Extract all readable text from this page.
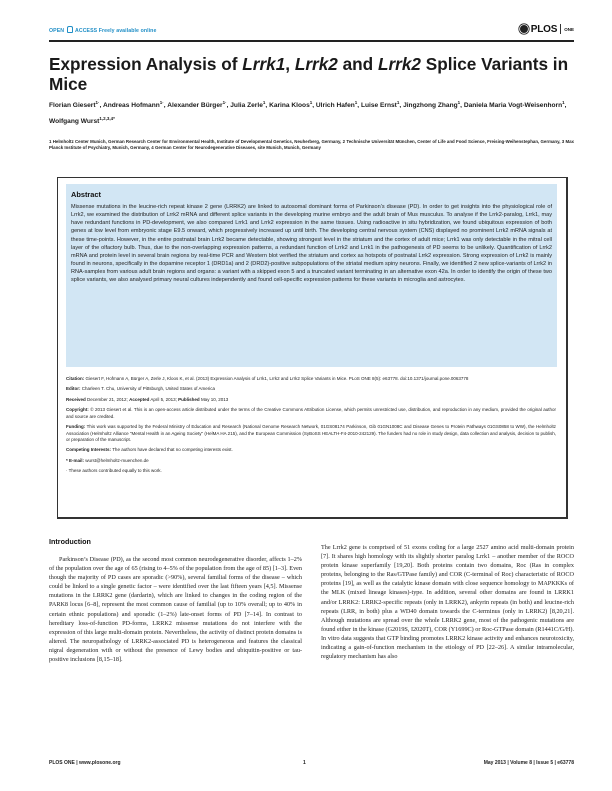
OPEN ACCESS Freely available online	PLOS ONE
Expression Analysis of Lrrk1, Lrrk2 and Lrrk2 Splice Variants in Mice
Florian Giesert$^{1\cdot}$, Andreas Hofmann$^{1\cdot}$, Alexander Bürger$^{1\cdot}$, Julia Zerle$^1$, Karina Kloos$^1$, Ulrich Hafen$^1$, Luise Ernst$^1$, Jingzhong Zhang$^1$, Daniela Maria Vogt-Weisenhorn$^1$, Wolfgang Wurst$^{1,2,3,4*}$
1 Helmholtz Center Munich, German Research Center for Environmental Health, Institute of Developmental Genetics, Neuherberg, Germany, 2 Technische Universität München, Center of Life and Food Science, Freising-Weihenstephan, Germany, 3 Max Planck Institute of Psychiatry, Munich, Germany, 4 German Center for Neurodegenerative Diseases, site Munich, Munich, Germany
Abstract

Missense mutations in the leucine-rich repeat kinase 2 gene (LRRK2) are linked to autosomal dominant forms of Parkinson’s disease (PD). In order to get insights into the physiological role of Lrrk2, we examined the distribution of Lrrk2 mRNA and different splice variants in the developing murine embryo and the adult brain of Mus musculus. To analyse if the Lrrk2-paralog, Lrrk1, may have redundant functions in PD-development, we also compared Lrrk1 and Lrrk2 expression in the same tissues. Using radioactive in situ hybridization, we found ubiquitous expression of both genes at low level from embryonic stage E9.5 onward, which progressively increased up until birth. The developing central nervous system (CNS) displayed no prominent Lrrk2 mRNA signals at these time-points. However, in the entire postnatal brain Lrrk2 became detectable, showing strongest level in the striatum and the cortex of adult mice; Lrrk1 was only detectable in the mitral cell layer of the olfactory bulb. Thus, due to the non-overlapping expression patterns, a redundant function of Lrrk2 and Lrrk1 in the pathogenesis of PD seems to be unlikely. Quantification of Lrrk2 mRNA and protein level in several brain regions by real-time PCR and Western blot verified the striatum and cortex as hotspots of postnatal Lrrk2 expression. Strong expression of Lrrk2 is mainly found in neurons, specifically in the dopamine receptor 1 (DRD1a) and 2 (DRD2)-positive subpopulations of the striatal medium spiny neurons. Finally, we identified 2 new splice-variants of Lrrk2 in RNA-samples from various adult brain regions and organs: a variant with a skipped exon 5 and a truncated variant terminating in an alternative exon 42a. In order to identify the origin of these two splice variants, we also analysed primary neural cultures independently and found cell-specific expression patterns for these variants in microglia and astrocytes.

Citation: Giesert F, Hofmann A, Bürger A, Zerle J, Kloos K, et al. (2013) Expression Analysis of Lrrk1, Lrrk2 and Lrrk2 Splice Variants in Mice. PLoS ONE 8(5): e63778. doi:10.1371/journal.pone.0063778

Editor: Charleen T. Chu, University of Pittsburgh, United States of America

Received December 21, 2012; Accepted April 5, 2013; Published May 10, 2013

Copyright: © 2013 Giesert et al. This is an open-access article distributed under the terms of the Creative Commons Attribution License, which permits unrestricted use, distribution, and reproduction in any medium, provided the original author and source are credited.

Funding: This work was supported by the Federal Ministry of Education and Research (National Genome Research Network, 01GS08174 Parkinson, Gib 01GN1008C and Disease Genes to Protein Pathways 01GS0858 to WW), the Helmholtz Association (Helmholtz Alliance "Mental Health in an Ageing Society" (HelMA HA 215), and the European Commission (SyBoSS HEALTH-F4-2010-242129). The funders had no role in study design, data collection and analysis, decision to publish, or preparation of the manuscript.

Competing Interests: The authors have declared that no competing interests exist.

* E-mail: wurst@helmholtz-muenchen.de

· These authors contributed equally to this work.

Introduction

Parkinson’s Disease (PD), as the second most common neurodegenerative disorder, affects 1–2% of the population over the age of 65 (rising to 4–5% of the population from the age of 85) [1–3]. Even though the majority of PD cases are sporadic (>90%), several familial forms of the disease – which could be linked to a single genetic factor – were identified over the last fifteen years [4,5]. Missense mutations in the LRRK2 gene (dardarin), which are linked to changes in the coding region of the PARK8 locus [6–8], represent the most common cause of familial (up to 10% overall; up to 40% in certain ethnic populations) and sporadic (1–2%) late-onset forms of PD [7–14]. In contrast to hereditary loss-of-function PD-forms, LRRK2 missense mutations do not interfere with the expression of this large multi-domain protein. Nevertheless, the activity of distinct protein domains is altered. The neuropathology of LRRK2-associated PD is heterogeneous and features the classical nigral degeneration with or without the presence of Lewy bodies and ubiquitin-positive or tau-positive inclusions [8,15–18].

The Lrrk2 gene is comprised of 51 exons coding for a large 2527 amino acid multi-domain protein [7]. It shares high homology with its slightly shorter paralog Lrrk1 – another member of the ROCO protein kinase superfamily [19,20]. Both proteins contain two domains, Roc (Ras in complex proteins, belonging to the Ras/GTPase family) and COR (C-terminal of Roc) characteristic of ROCO proteins [19], as well as the catalytic kinase domain with close sequence homology to MAPKKKs of the MLK (mixed lineage kinases)-type. In addition, several other domains are found in LRRK1 and/or LRRK2: LRRK2-specific repeats (only in LRRK2), ankyrin repeats (in both) and leucine-rich repeats (LRR, in both) plus a WD40 domain towards the C-terminus (only in LRRK2) [8,20,21]. Although mutations are spread over the whole LRRK2 gene, most of the pathogenic mutations are found either in the kinase (G2019S, I2020T), COR (Y1699C) or Roc-GTPase domain (R1441C/G/H). In vitro data suggests that GTP binding promotes LRRK2 kinase activity and enhances neurotoxicity, indicating a gain-of-function mechanism in the etiology of PD [22–26]. A similar intramolecular, regulatory mechanism has also

PLOS ONE | www.plosone.org	1	May 2013 | Volume 8 | Issue 5 | e63778
